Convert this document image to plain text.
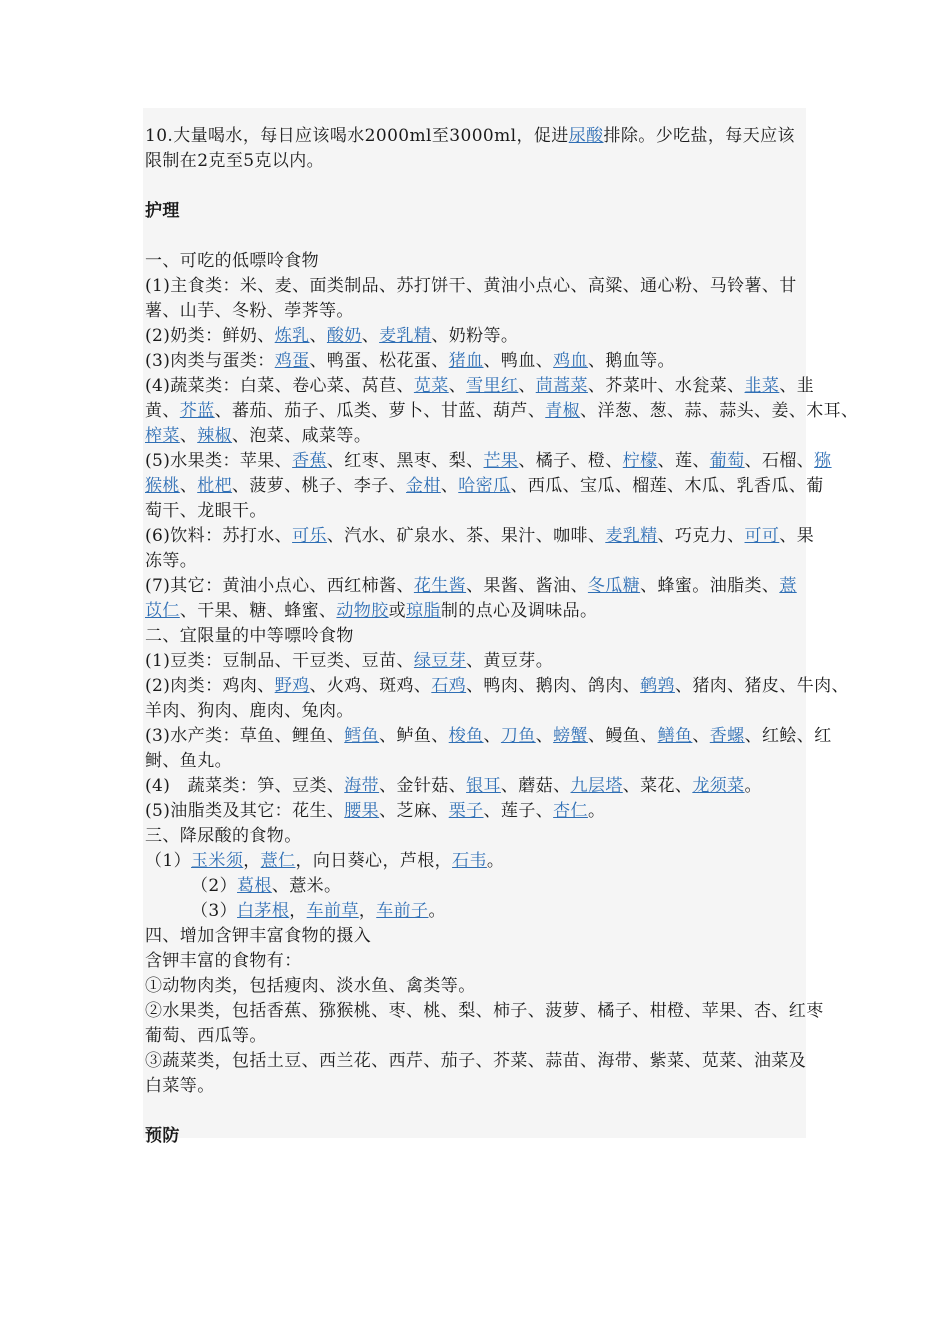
10.大量喝水，每日应该喝水2000ml至3000ml，促进尿酸排除。少吃盐，每天应该
限制在2克至5克以内。
护理
一、可吃的低嘌呤食物
(1)主食类：米、麦、面类制品、苏打饼干、黄油小点心、高粱、通心粉、马铃薯、甘
薯、山芋、冬粉、荸荠等。
(2)奶类：鲜奶、炼乳、酸奶、麦乳精、奶粉等。
(3)肉类与蛋类：鸡蛋、鸭蛋、松花蛋、猪血、鸭血、鸡血、鹅血等。
(4)蔬菜类：白菜、卷心菜、莴苣、苋菜、雪里红、茼蒿菜、芥菜叶、水瓮菜、韭菜、韭
黄、芥蓝、蕃茄、茄子、瓜类、萝卜、甘蓝、葫芦、青椒、洋葱、葱、蒜、蒜头、姜、木耳、
榨菜、辣椒、泡菜、咸菜等。
(5)水果类：苹果、香蕉、红枣、黑枣、梨、芒果、橘子、橙、柠檬、莲、葡萄、石榴、猕
猴桃、枇杷、菠萝、桃子、李子、金柑、哈密瓜、西瓜、宝瓜、榴莲、木瓜、乳香瓜、葡
萄干、龙眼干。
(6)饮料：苏打水、可乐、汽水、矿泉水、茶、果汁、咖啡、麦乳精、巧克力、可可、果
冻等。
(7)其它：黄油小点心、西红柿酱、花生酱、果酱、酱油、冬瓜糖、蜂蜜。油脂类、薏
苡仁、干果、糖、蜂蜜、动物胶或琼脂制的点心及调味品。
二、宜限量的中等嘌呤食物
(1)豆类：豆制品、干豆类、豆苗、绿豆芽、黄豆芽。
(2)肉类：鸡肉、野鸡、火鸡、斑鸡、石鸡、鸭肉、鹅肉、鸽肉、鹌鹑、猪肉、猪皮、牛肉、
羊肉、狗肉、鹿肉、兔肉。
(3)水产类：草鱼、鲤鱼、鳕鱼、鲈鱼、梭鱼、刀鱼、螃蟹、鳗鱼、鳝鱼、香螺、红鲙、红
鲥、鱼丸。
(4)　蔬菜类：笋、豆类、海带、金针菇、银耳、蘑菇、九层塔、菜花、龙须菜。
(5)油脂类及其它：花生、腰果、芝麻、栗子、莲子、杏仁。
三、降尿酸的食物。
（1）玉米须，薏仁，向日葵心，芦根，石韦。
（2）葛根、薏米。
（3）白茅根，车前草，车前子。
四、增加含钾丰富食物的摄入
含钾丰富的食物有：
①动物肉类，包括瘦肉、淡水鱼、禽类等。
②水果类，包括香蕉、猕猴桃、枣、桃、梨、柿子、菠萝、橘子、柑橙、苹果、杏、红枣
葡萄、西瓜等。
③蔬菜类，包括土豆、西兰花、西芹、茄子、芥菜、蒜苗、海带、紫菜、苋菜、油菜及
白菜等。
预防
